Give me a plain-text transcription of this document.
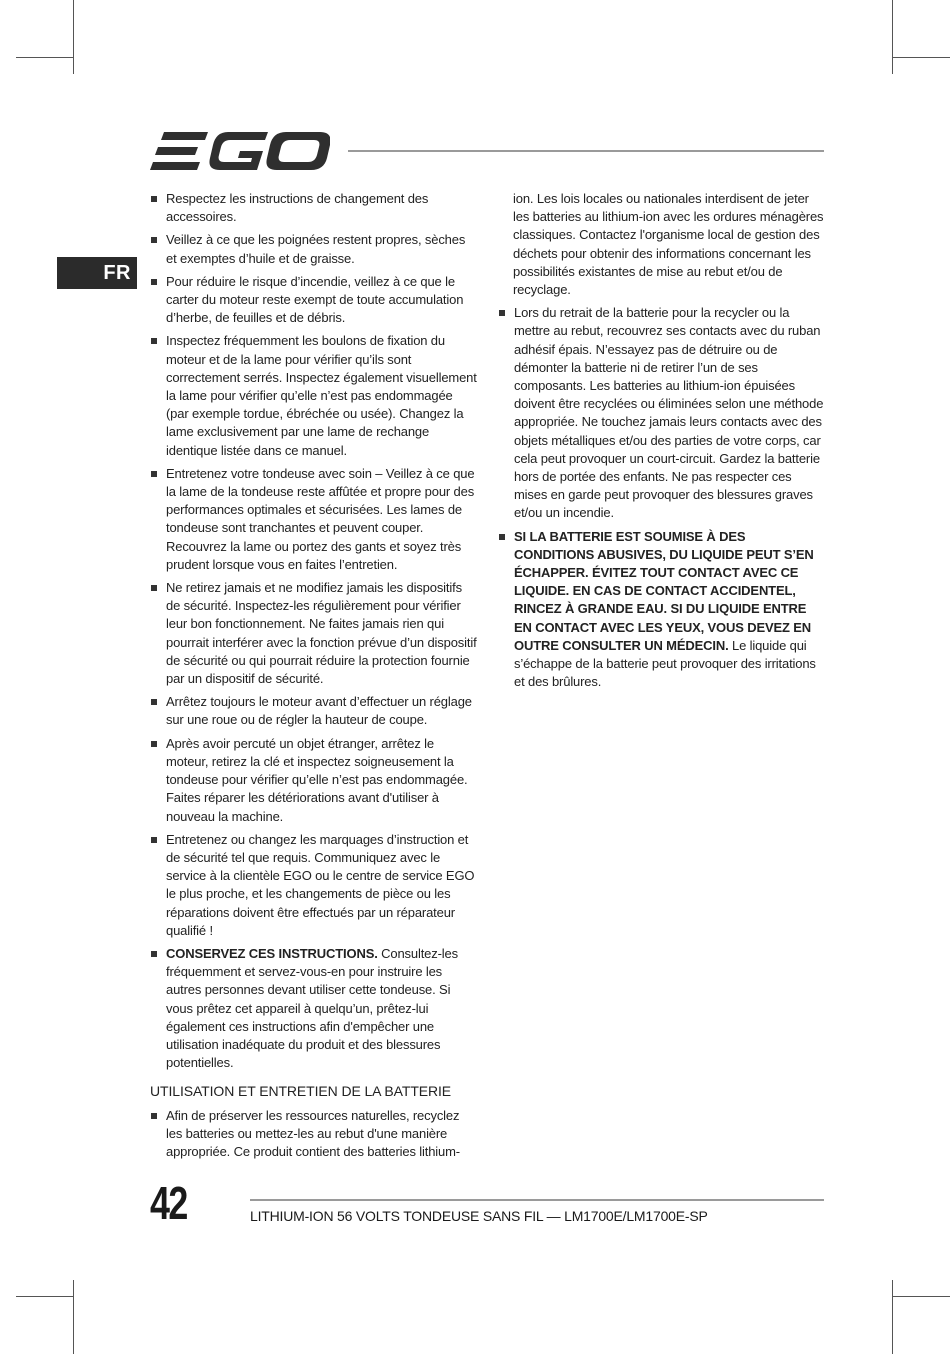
FR
Respectez les instructions de changement des accessoires.
Veillez à ce que les poignées restent propres, sèches et exemptes d’huile et de graisse.
Pour réduire le risque d’incendie, veillez à ce que le carter du moteur reste exempt de toute accumulation d’herbe, de feuilles et de débris.
Inspectez fréquemment les boulons de fixation du moteur et de la lame pour vérifier qu’ils sont correctement serrés. Inspectez également visuellement la lame pour vérifier qu’elle n’est pas endommagée (par exemple tordue, ébréchée ou usée). Changez la lame exclusivement par une lame de rechange identique listée dans ce manuel.
Entretenez votre tondeuse avec soin – Veillez à ce que la lame de la tondeuse reste affûtée et propre pour des performances optimales et sécurisées. Les lames de tondeuse sont tranchantes et peuvent couper. Recouvrez la lame ou portez des gants et soyez très prudent lorsque vous en faites l’entretien.
Ne retirez jamais et ne modifiez jamais les dispositifs de sécurité. Inspectez-les régulièrement pour vérifier leur bon fonctionnement. Ne faites jamais rien qui pourrait interférer avec la fonction prévue d’un dispositif de sécurité ou qui pourrait réduire la protection fournie par un dispositif de sécurité.
Arrêtez toujours le moteur avant d’effectuer un réglage sur une roue ou de régler la hauteur de coupe.
Après avoir percuté un objet étranger, arrêtez le moteur, retirez la clé et inspectez soigneusement la tondeuse pour vérifier qu’elle n’est pas endommagée. Faites réparer les détériorations avant d'utiliser à nouveau la machine.
Entretenez ou changez les marquages d’instruction et de sécurité tel que requis. Communiquez avec le service à la clientèle EGO ou le centre de service EGO le plus proche, et les changements de pièce ou les réparations doivent être effectués par un réparateur qualifié !
CONSERVEZ CES INSTRUCTIONS. Consultez-les fréquemment et servez-vous-en pour instruire les autres personnes devant utiliser cette tondeuse. Si vous prêtez cet appareil à quelqu’un, prêtez-lui également ces instructions afin d'empêcher une utilisation inadéquate du produit et des blessures potentielles.
UTILISATION ET ENTRETIEN DE LA BATTERIE
Afin de préserver les ressources naturelles, recyclez les batteries ou mettez-les au rebut d'une manière appropriée. Ce produit contient des batteries lithium-
ion. Les lois locales ou nationales interdisent de jeter les batteries au lithium-ion avec les ordures ménagères classiques. Contactez l'organisme local de gestion des déchets pour obtenir des informations concernant les possibilités existantes de mise au rebut et/ou de recyclage.
Lors du retrait de la batterie pour la recycler ou la mettre au rebut, recouvrez ses contacts avec du ruban adhésif épais. N’essayez pas de détruire ou de démonter la batterie ni de retirer l’un de ses composants. Les batteries au lithium-ion épuisées doivent être recyclées ou éliminées selon une méthode appropriée. Ne touchez jamais leurs contacts avec des objets métalliques et/ou des parties de votre corps, car cela peut provoquer un court-circuit. Gardez la batterie hors de portée des enfants. Ne pas respecter ces mises en garde peut provoquer des blessures graves et/ou un incendie.
SI LA BATTERIE EST SOUMISE À DES CONDITIONS ABUSIVES, DU LIQUIDE PEUT S’EN ÉCHAPPER. ÉVITEZ TOUT CONTACT AVEC CE LIQUIDE. EN CAS DE CONTACT ACCIDENTEL, RINCEZ À GRANDE EAU. SI DU LIQUIDE ENTRE EN CONTACT AVEC LES YEUX, VOUS DEVEZ EN OUTRE CONSULTER UN MÉDECIN. Le liquide qui s’échappe de la batterie peut provoquer des irritations et des brûlures.
42	LITHIUM-ION 56 VOLTS TONDEUSE SANS FIL — LM1700E/LM1700E-SP
